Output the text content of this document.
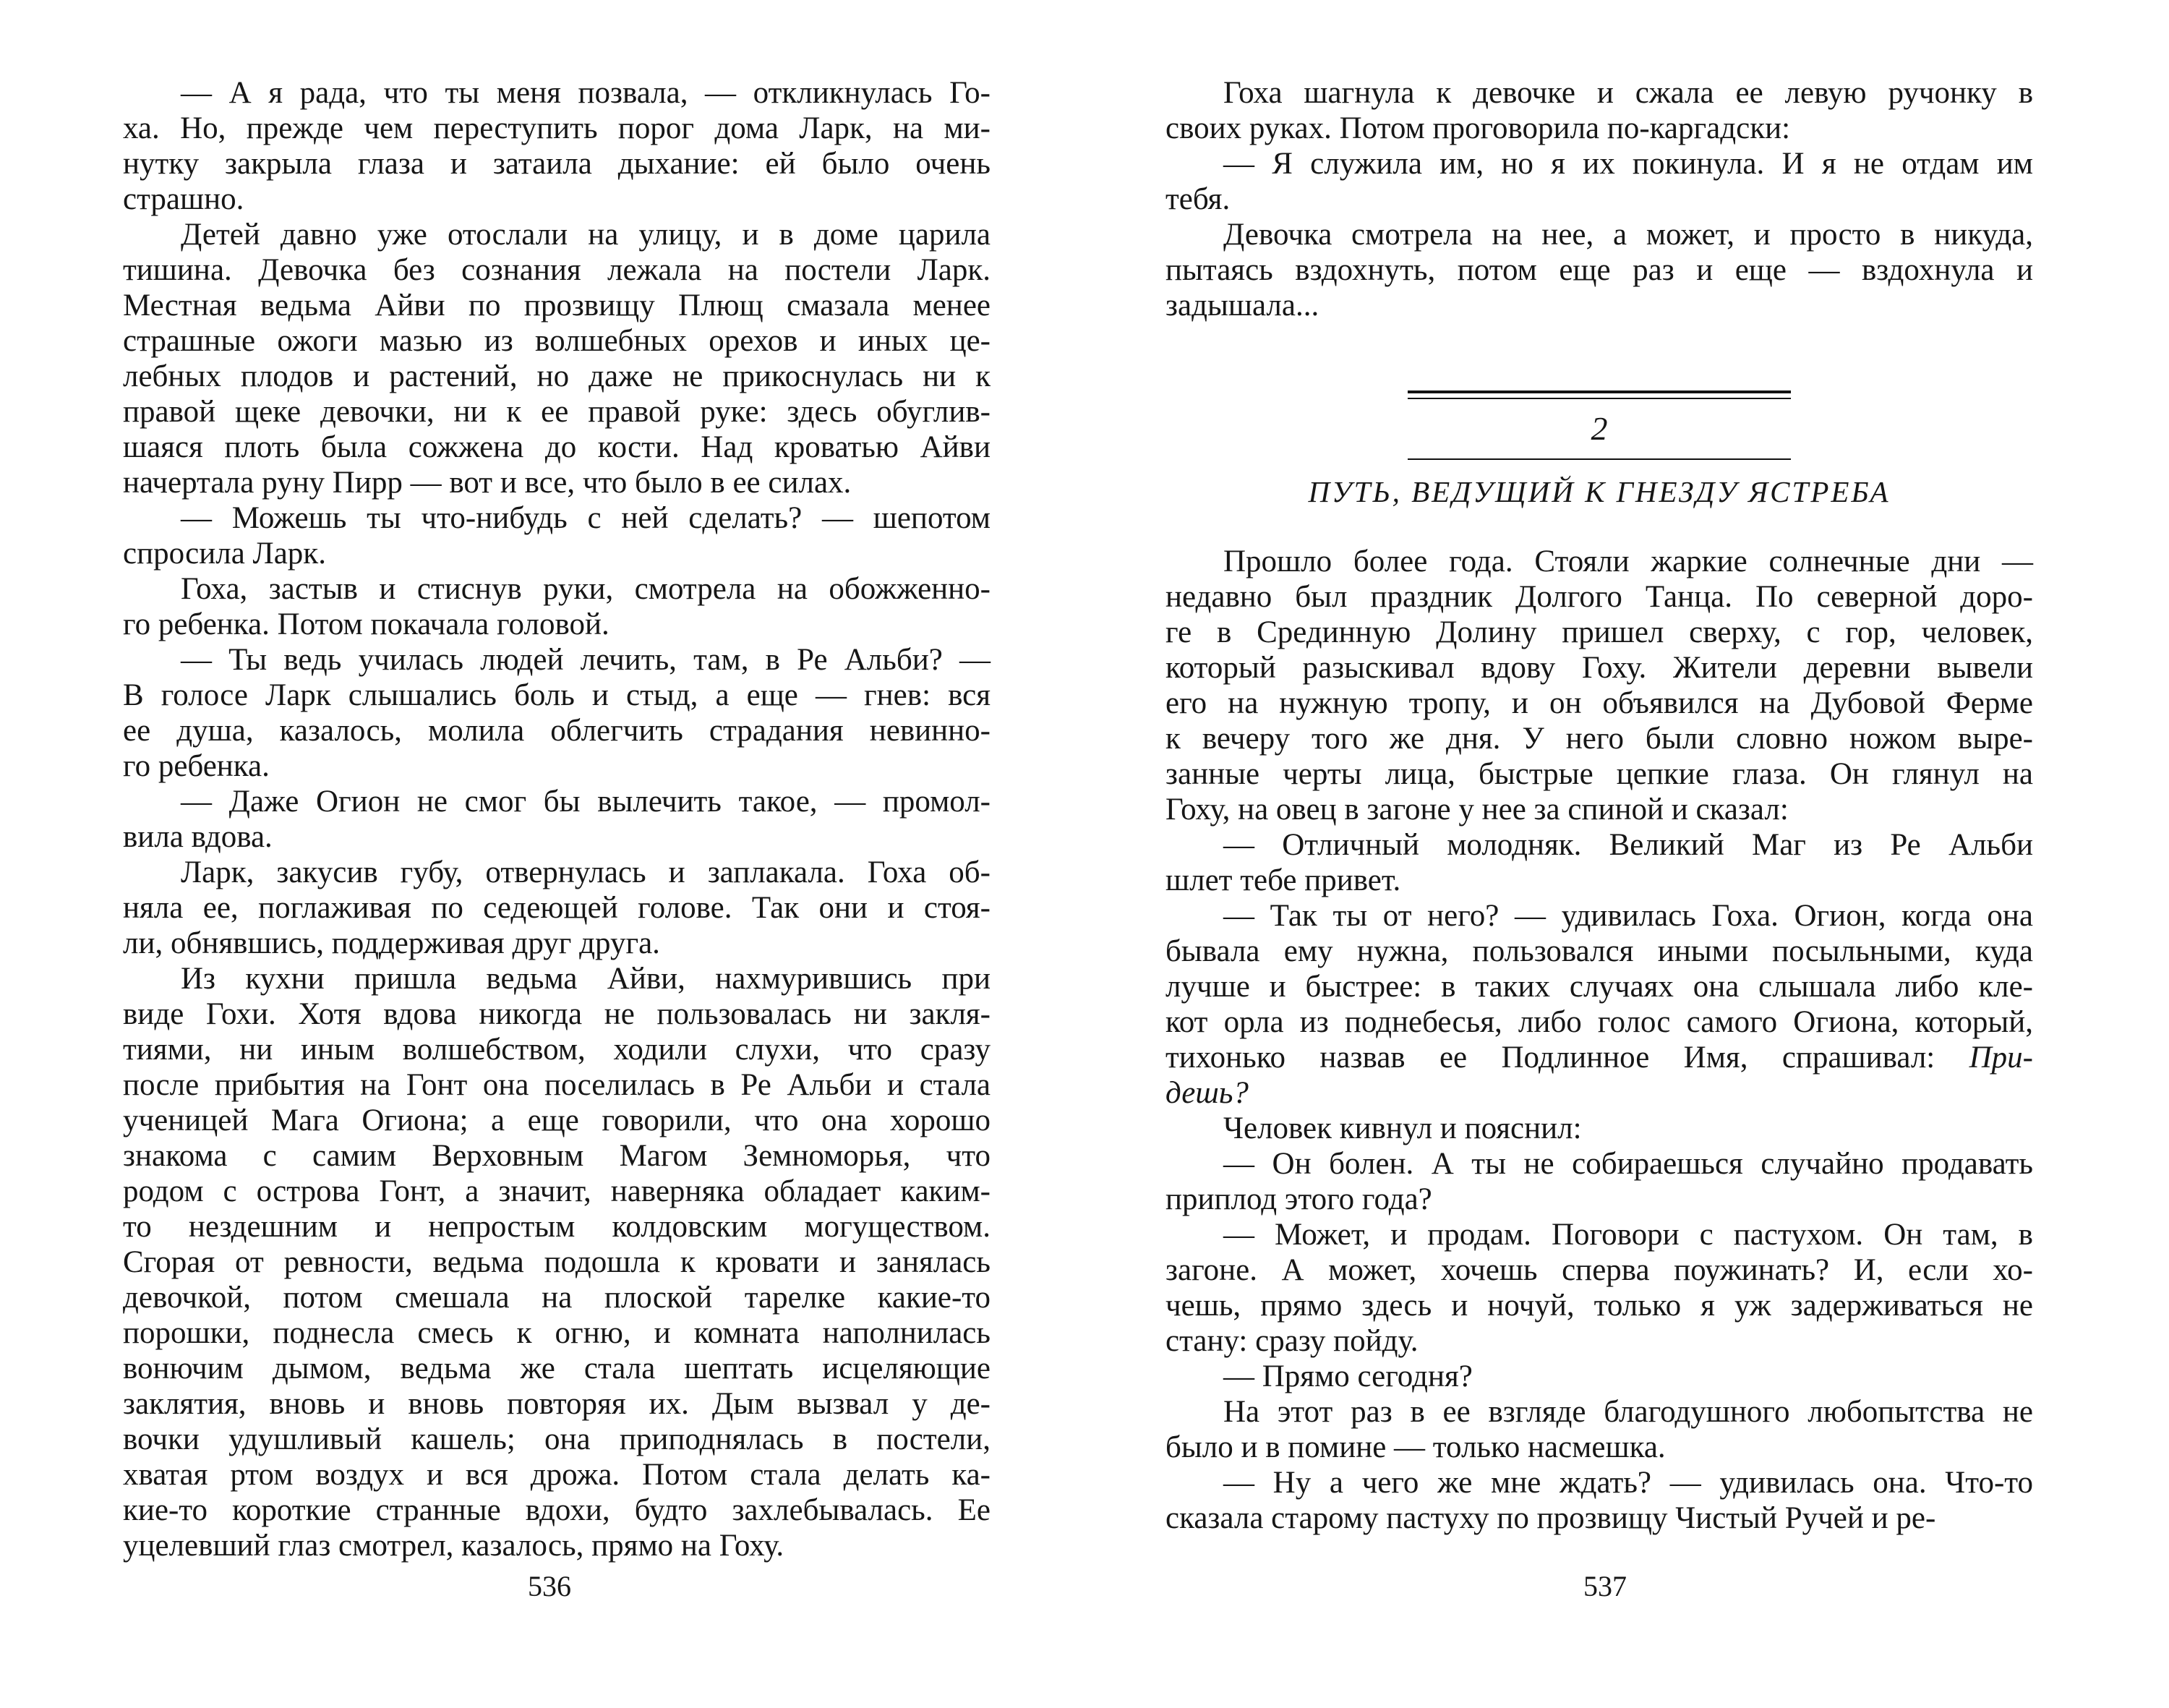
— А я рада, что ты меня позвала, — откликнулась Го-
ха. Но, прежде чем переступить порог дома Ларк, на ми-
нутку закрыла глаза и затаила дыхание: ей было очень
страшно.
Детей давно уже отослали на улицу, и в доме царила
тишина. Девочка без сознания лежала на постели Ларк.
Местная ведьма Айви по прозвищу Плющ смазала менее
страшные ожоги мазью из волшебных орехов и иных це-
лебных плодов и растений, но даже не прикоснулась ни к
правой щеке девочки, ни к ее правой руке: здесь обуглив-
шаяся плоть была сожжена до кости. Над кроватью Айви
начертала руну Пирр — вот и все, что было в ее силах.
— Можешь ты что-нибудь с ней сделать? — шепотом
спросила Ларк.
Гоха, застыв и стиснув руки, смотрела на обожженно-
го ребенка. Потом покачала головой.
— Ты ведь училась людей лечить, там, в Ре Альби? —
В голосе Ларк слышались боль и стыд, а еще — гнев: вся
ее душа, казалось, молила облегчить страдания невинно-
го ребенка.
— Даже Огион не смог бы вылечить такое, — промол-
вила вдова.
Ларк, закусив губу, отвернулась и заплакала. Гоха об-
няла ее, поглаживая по седеющей голове. Так они и стоя-
ли, обнявшись, поддерживая друг друга.
Из кухни пришла ведьма Айви, нахмурившись при
виде Гохи. Хотя вдова никогда не пользовалась ни закля-
тиями, ни иным волшебством, ходили слухи, что сразу
после прибытия на Гонт она поселилась в Ре Альби и стала
ученицей Мага Огиона; а еще говорили, что она хорошо
знакома с самим Верховным Магом Земноморья, что
родом с острова Гонт, а значит, наверняка обладает каким-
то нездешним и непростым колдовским могуществом.
Сгорая от ревности, ведьма подошла к кровати и занялась
девочкой, потом смешала на плоской тарелке какие-то
порошки, поднесла смесь к огню, и комната наполнилась
вонючим дымом, ведьма же стала шептать исцеляющие
заклятия, вновь и вновь повторяя их. Дым вызвал у де-
вочки удушливый кашель; она приподнялась в постели,
хватая ртом воздух и вся дрожа. Потом стала делать ка-
кие-то короткие странные вдохи, будто захлебывалась. Ее
уцелевший глаз смотрел, казалось, прямо на Гоху.
536
Гоха шагнула к девочке и сжала ее левую ручонку в
своих руках. Потом проговорила по-каргадски:
— Я служила им, но я их покинула. И я не отдам им
тебя.
Девочка смотрела на нее, а может, и просто в никуда,
пытаясь вздохнуть, потом еще раз и еще — вздохнула и
задышала...
2
ПУТЬ, ВЕДУЩИЙ К ГНЕЗДУ ЯСТРЕБА
Прошло более года. Стояли жаркие солнечные дни —
недавно был праздник Долгого Танца. По северной доро-
ге в Срединную Долину пришел сверху, с гор, человек,
который разыскивал вдову Гоху. Жители деревни вывели
его на нужную тропу, и он объявился на Дубовой Ферме
к вечеру того же дня. У него были словно ножом выре-
занные черты лица, быстрые цепкие глаза. Он глянул на
Гоху, на овец в загоне у нее за спиной и сказал:
— Отличный молодняк. Великий Маг из Ре Альби
шлет тебе привет.
— Так ты от него? — удивилась Гоха. Огион, когда она
бывала ему нужна, пользовался иными посыльными, куда
лучше и быстрее: в таких случаях она слышала либо кле-
кот орла из поднебесья, либо голос самого Огиона, который,
тихонько назвав ее Подлинное Имя, спрашивал: При-
дешь?
Человек кивнул и пояснил:
— Он болен. А ты не собираешься случайно продавать
приплод этого года?
— Может, и продам. Поговори с пастухом. Он там, в
загоне. А может, хочешь сперва поужинать? И, если хо-
чешь, прямо здесь и ночуй, только я уж задерживаться не
стану: сразу пойду.
— Прямо сегодня?
На этот раз в ее взгляде благодушного любопытства не
было и в помине — только насмешка.
— Ну а чего же мне ждать? — удивилась она. Что-то
сказала старому пастуху по прозвищу Чистый Ручей и ре-
537
